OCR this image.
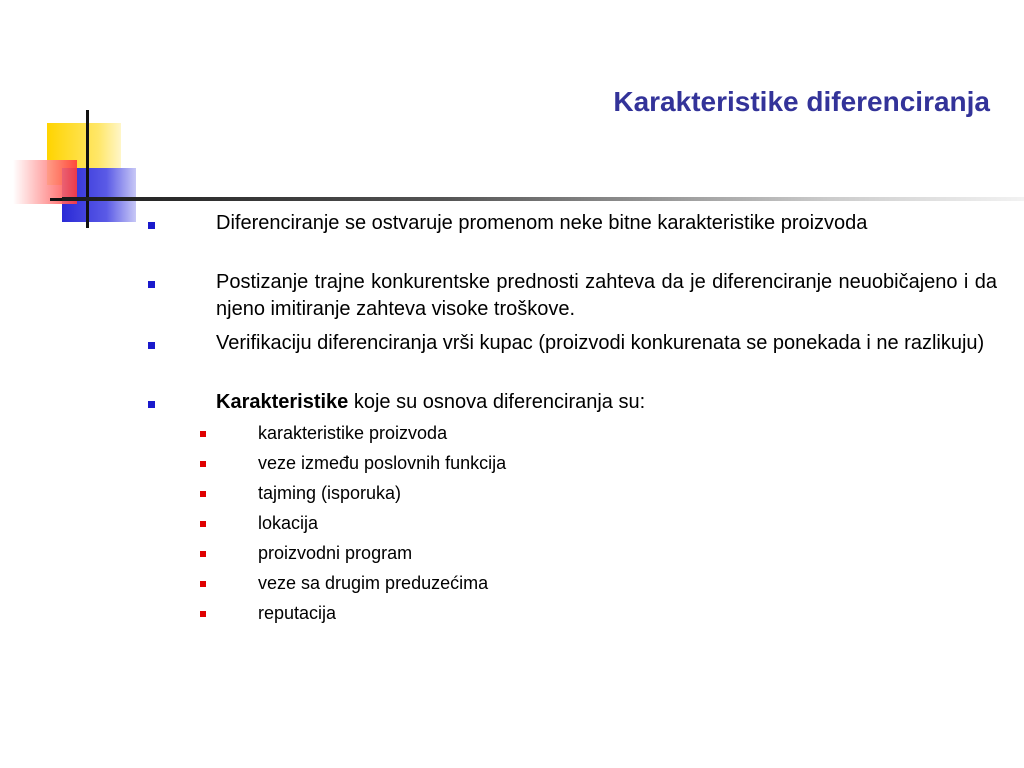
Karakteristike diferenciranja
Diferenciranje se ostvaruje promenom neke bitne karakteristike proizvoda
Postizanje trajne konkurentske prednosti zahteva da je diferenciranje neuobičajeno i da njeno imitiranje zahteva visoke troškove.
Verifikaciju diferenciranja vrši kupac (proizvodi konkurenata se ponekada i ne razlikuju)
Karakteristike koje su osnova diferenciranja su:
karakteristike proizvoda
veze između poslovnih funkcija
tajming (isporuka)
lokacija
proizvodni program
veze sa drugim preduzećima
reputacija
